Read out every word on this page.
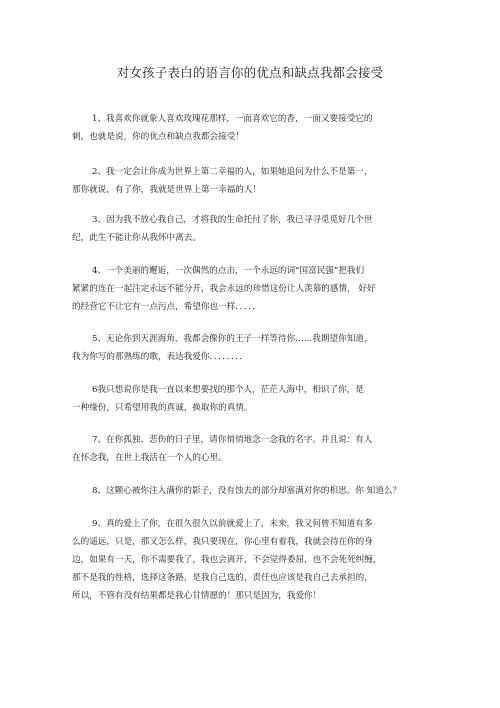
对女孩子表白的语言你的优点和缺点我都会接受
1、我喜欢你就象人喜欢玫瑰花那样，一面喜欢它的香，一面又要接受它的
刺，也就是说，你的优点和缺点我都会接受！
2、我一定会让你成为世界上第二幸福的人，如果她追问为什么不是第一，
那你就说，有了你，我就是世界上第一幸福的人！
3、因为我不放心我自己，才将我的生命托付了你，我已寻寻觅觅好几个世
纪，此生不能让你从我怀中离去。
4、一个美丽的邂逅，一次偶然的点击，一个永远的词“国富民强”把我们
紧紧的连在一起注定永远不能分开，我会永远的珍惜这份让人羡慕的感情， 好好
的经营它不让它有一点污点，希望你也一样．．．．．
5、无论你到天涯海角，我都会像你的王子一样等待你……我期望你知道，
我为你写的那熟练的歌，表达我爱你．．．．．．．．
6我只想说你是我一直以来想要找的那个人，茫茫人海中，相识了你，是
一种缘份，只希望用我的真诚，换取你的真情。
7、在你孤独、悲伤的日子里，请你悄悄地念一念我的名字。并且说：有人
在怀念我，在世上我活在一个人的心里。
8、这颗心被你注入满你的影子，没有蚀去的部分却塞满对你的相思。你 知道么？
9、真的爱上了你，在很久很久以前就爱上了，未来，我又何曾不知道有多
么的遥远，只是，那又怎么样，我只要现在，你心里有着我，我就会待在你的身
边，如果有一天，你不需要我了，我也会离开，不会觉得委屈，也不会死死纠缠，
那不是我的性格，选择这条路，是我自己选的，责任也应该是我自己去承担的，
所以，不管有没有结果都是我心甘情愿的！那只是因为，我爱你！
